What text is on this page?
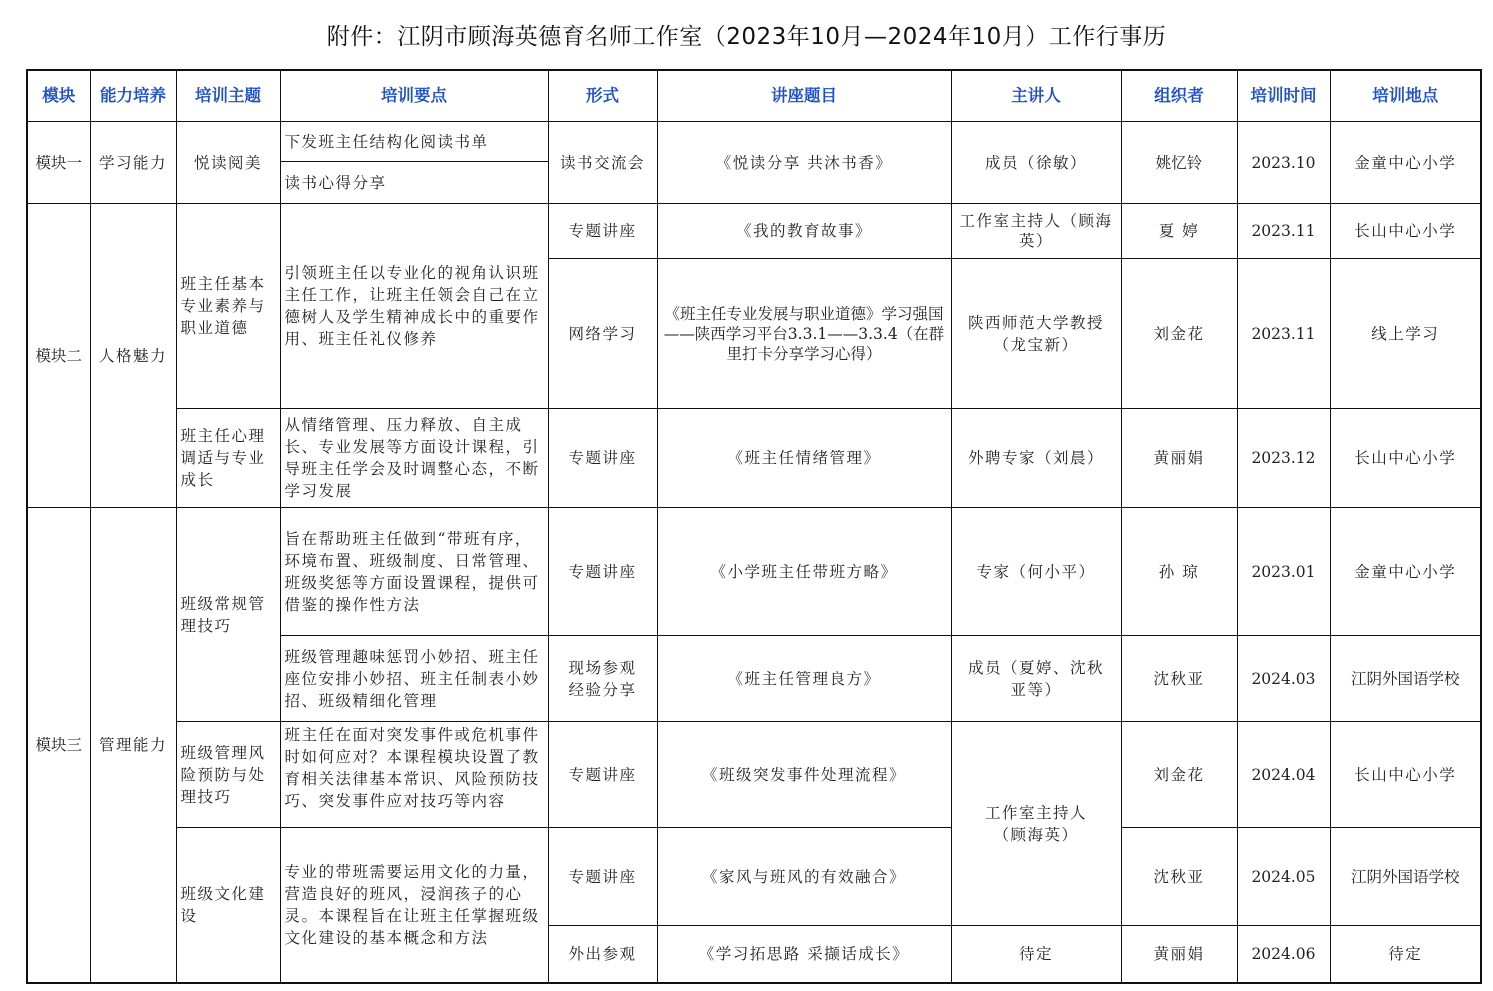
附件：江阴市顾海英德育名师工作室（2023年10月—2024年10月）工作行事历
模块	能力培养	培训主题	培训要点	形式	讲座题目	主讲人	组织者	培训时间	培训地点
模块一	学习能力	悦读阅美	下发班主任结构化阅读书单	读书交流会	《悦读分享 共沐书香》	成员（徐敏）	姚忆铃	2023.10	金童中心小学
			读书心得分享						
模块二	人格魅力	班主任基本专业素养与职业道德	引领班主任以专业化的视角认识班主任工作，让班主任领会自己在立德树人及学生精神成长中的重要作用、班主任礼仪修养	专题讲座	《我的教育故事》	工作室主持人（顾海英）	夏 婷	2023.11	长山中心小学
				网络学习	《班主任专业发展与职业道德》学习强国——陕西学习平台3.3.1——3.3.4（在群里打卡分享学习心得）	陕西师范大学教授（龙宝新）	刘金花	2023.11	线上学习
		班主任心理调适与专业成长	从情绪管理、压力释放、自主成长、专业发展等方面设计课程，引导班主任学会及时调整心态，不断学习发展	专题讲座	《班主任情绪管理》	外聘专家（刘晨）	黄丽娟	2023.12	长山中心小学
模块三	管理能力	班级常规管理技巧	旨在帮助班主任做到“带班有序，环境布置、班级制度、日常管理、班级奖惩等方面设置课程，提供可借鉴的操作性方法	专题讲座	《小学班主任带班方略》	专家（何小平）	孙 琼	2023.01	金童中心小学
			班级管理趣味惩罚小妙招、班主任座位安排小妙招、班主任制表小妙招、班级精细化管理	现场参观经验分享	《班主任管理良方》	成员（夏婷、沈秋亚等）	沈秋亚	2024.03	江阴外国语学校
		班级管理风险预防与处理技巧	班主任在面对突发事件或危机事件时如何应对？本课程模块设置了教育相关法律基本常识、风险预防技巧、突发事件应对技巧等内容	专题讲座	《班级突发事件处理流程》	工作室主持人（顾海英）	刘金花	2024.04	长山中心小学
		班级文化建设	专业的带班需要运用文化的力量，营造良好的班风，浸润孩子的心灵。本课程旨在让班主任掌握班级文化建设的基本概念和方法	专题讲座	《家风与班风的有效融合》		沈秋亚	2024.05	江阴外国语学校
				外出参观	《学习拓思路 采撷话成长》	待定	黄丽娟	2024.06	待定
